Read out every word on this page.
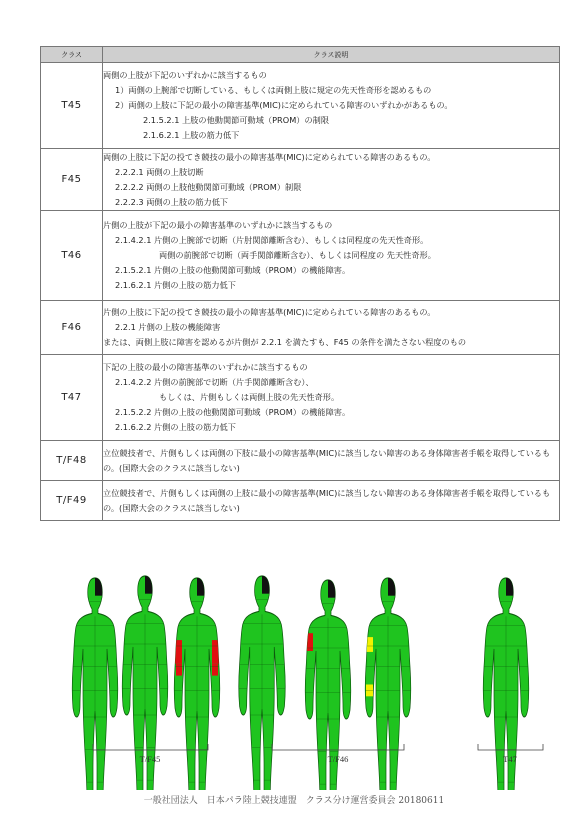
クラス	クラス説明
T45	両側の上肢が下記のいずれかに該当するもの
1）両側の上腕部で切断している、もしくは両側上肢に規定の先天性奇形を認めるもの
2）両側の上肢に下記の最小の障害基準(MIC)に定められている障害のいずれかがあるもの。
2.1.5.2.1 上肢の他動関節可動域（PROM）の制限
2.1.6.2.1 上肢の筋力低下

F45	両側の上肢に下記の投てき競技の最小の障害基準(MIC)に定められている障害のあるもの。
2.2.2.1 両側の上肢切断
2.2.2.2 両側の上肢他動関節可動域（PROM）制限
2.2.2.3 両側の上肢の筋力低下

T46	片側の上肢が下記の最小の障害基準のいずれかに該当するもの
2.1.4.2.1 片側の上腕部で切断（片肘関節離断含む）、もしくは同程度の先天性奇形。
両側の前腕部で切断（両手関節離断含む）、もしくは同程度の 先天性奇形。
2.1.5.2.1 片側の上肢の他動関節可動域（PROM）の機能障害。
2.1.6.2.1 片側の上肢の筋力低下

F46	片側の上肢に下記の投てき競技の最小の障害基準(MIC)に定められている障害のあるもの。
2.2.1 片側の上肢の機能障害
または、両側上肢に障害を認めるが片側が 2.2.1 を満たすも、F45 の条件を満たさない程度のもの

T47	下記の上肢の最小の障害基準のいずれかに該当するもの
2.1.4.2.2 片側の前腕部で切断（片手関節離断含む）、
もしくは、片側もしくは両側上肢の先天性奇形。
2.1.5.2.2 片側の上肢の他動関節可動域（PROM）の機能障害。
2.1.6.2.2 片側の上肢の筋力低下

T/F48	立位競技者で、片側もしくは両側の下肢に最小の障害基準(MIC)に該当しない障害のある身体障害者手帳を取得しているもの。(国際大会のクラスに該当しない)

T/F49	立位競技者で、片側もしくは両側の上肢に最小の障害基準(MIC)に該当しない障害のある身体障害者手帳を取得しているもの。(国際大会のクラスに該当しない)
T/F45	T/F46	T47
一般社団法人　日本パラ陸上競技連盟　クラス分け運営委員会 20180611
